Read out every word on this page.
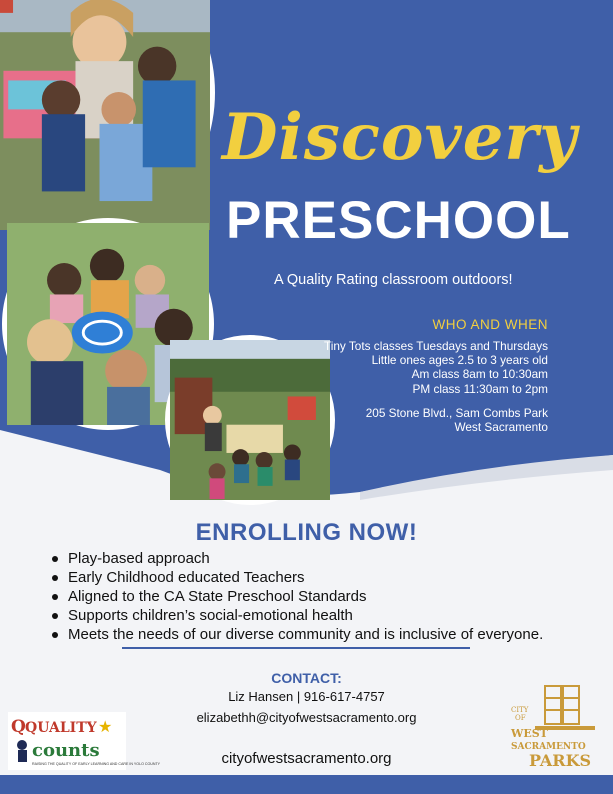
Discovery
PRESCHOOL
A Quality Rating classroom outdoors!
WHO AND WHEN
Tiny Tots classes Tuesdays and Thursdays
Little ones ages 2.5 to 3 years old
Am class 8am to 10:30am
PM class 11:30am to 2pm
205 Stone Blvd., Sam Combs Park
West Sacramento
ENROLLING NOW!
Play-based approach
Early Childhood educated Teachers
Aligned to the CA State Preschool Standards
Supports children’s social-emotional health
Meets the needs of our diverse community and is inclusive of everyone.
CONTACT:
Liz Hansen | 916-617-4757
elizabethh@cityofwestsacramento.org
cityofwestsacramento.org
Q QUALITY ★
counts
RAISING THE QUALITY OF EARLY LEARNING AND CARE IN YOLO COUNTY
CITY
OF
WEST
SACRAMENTO
PARKS
